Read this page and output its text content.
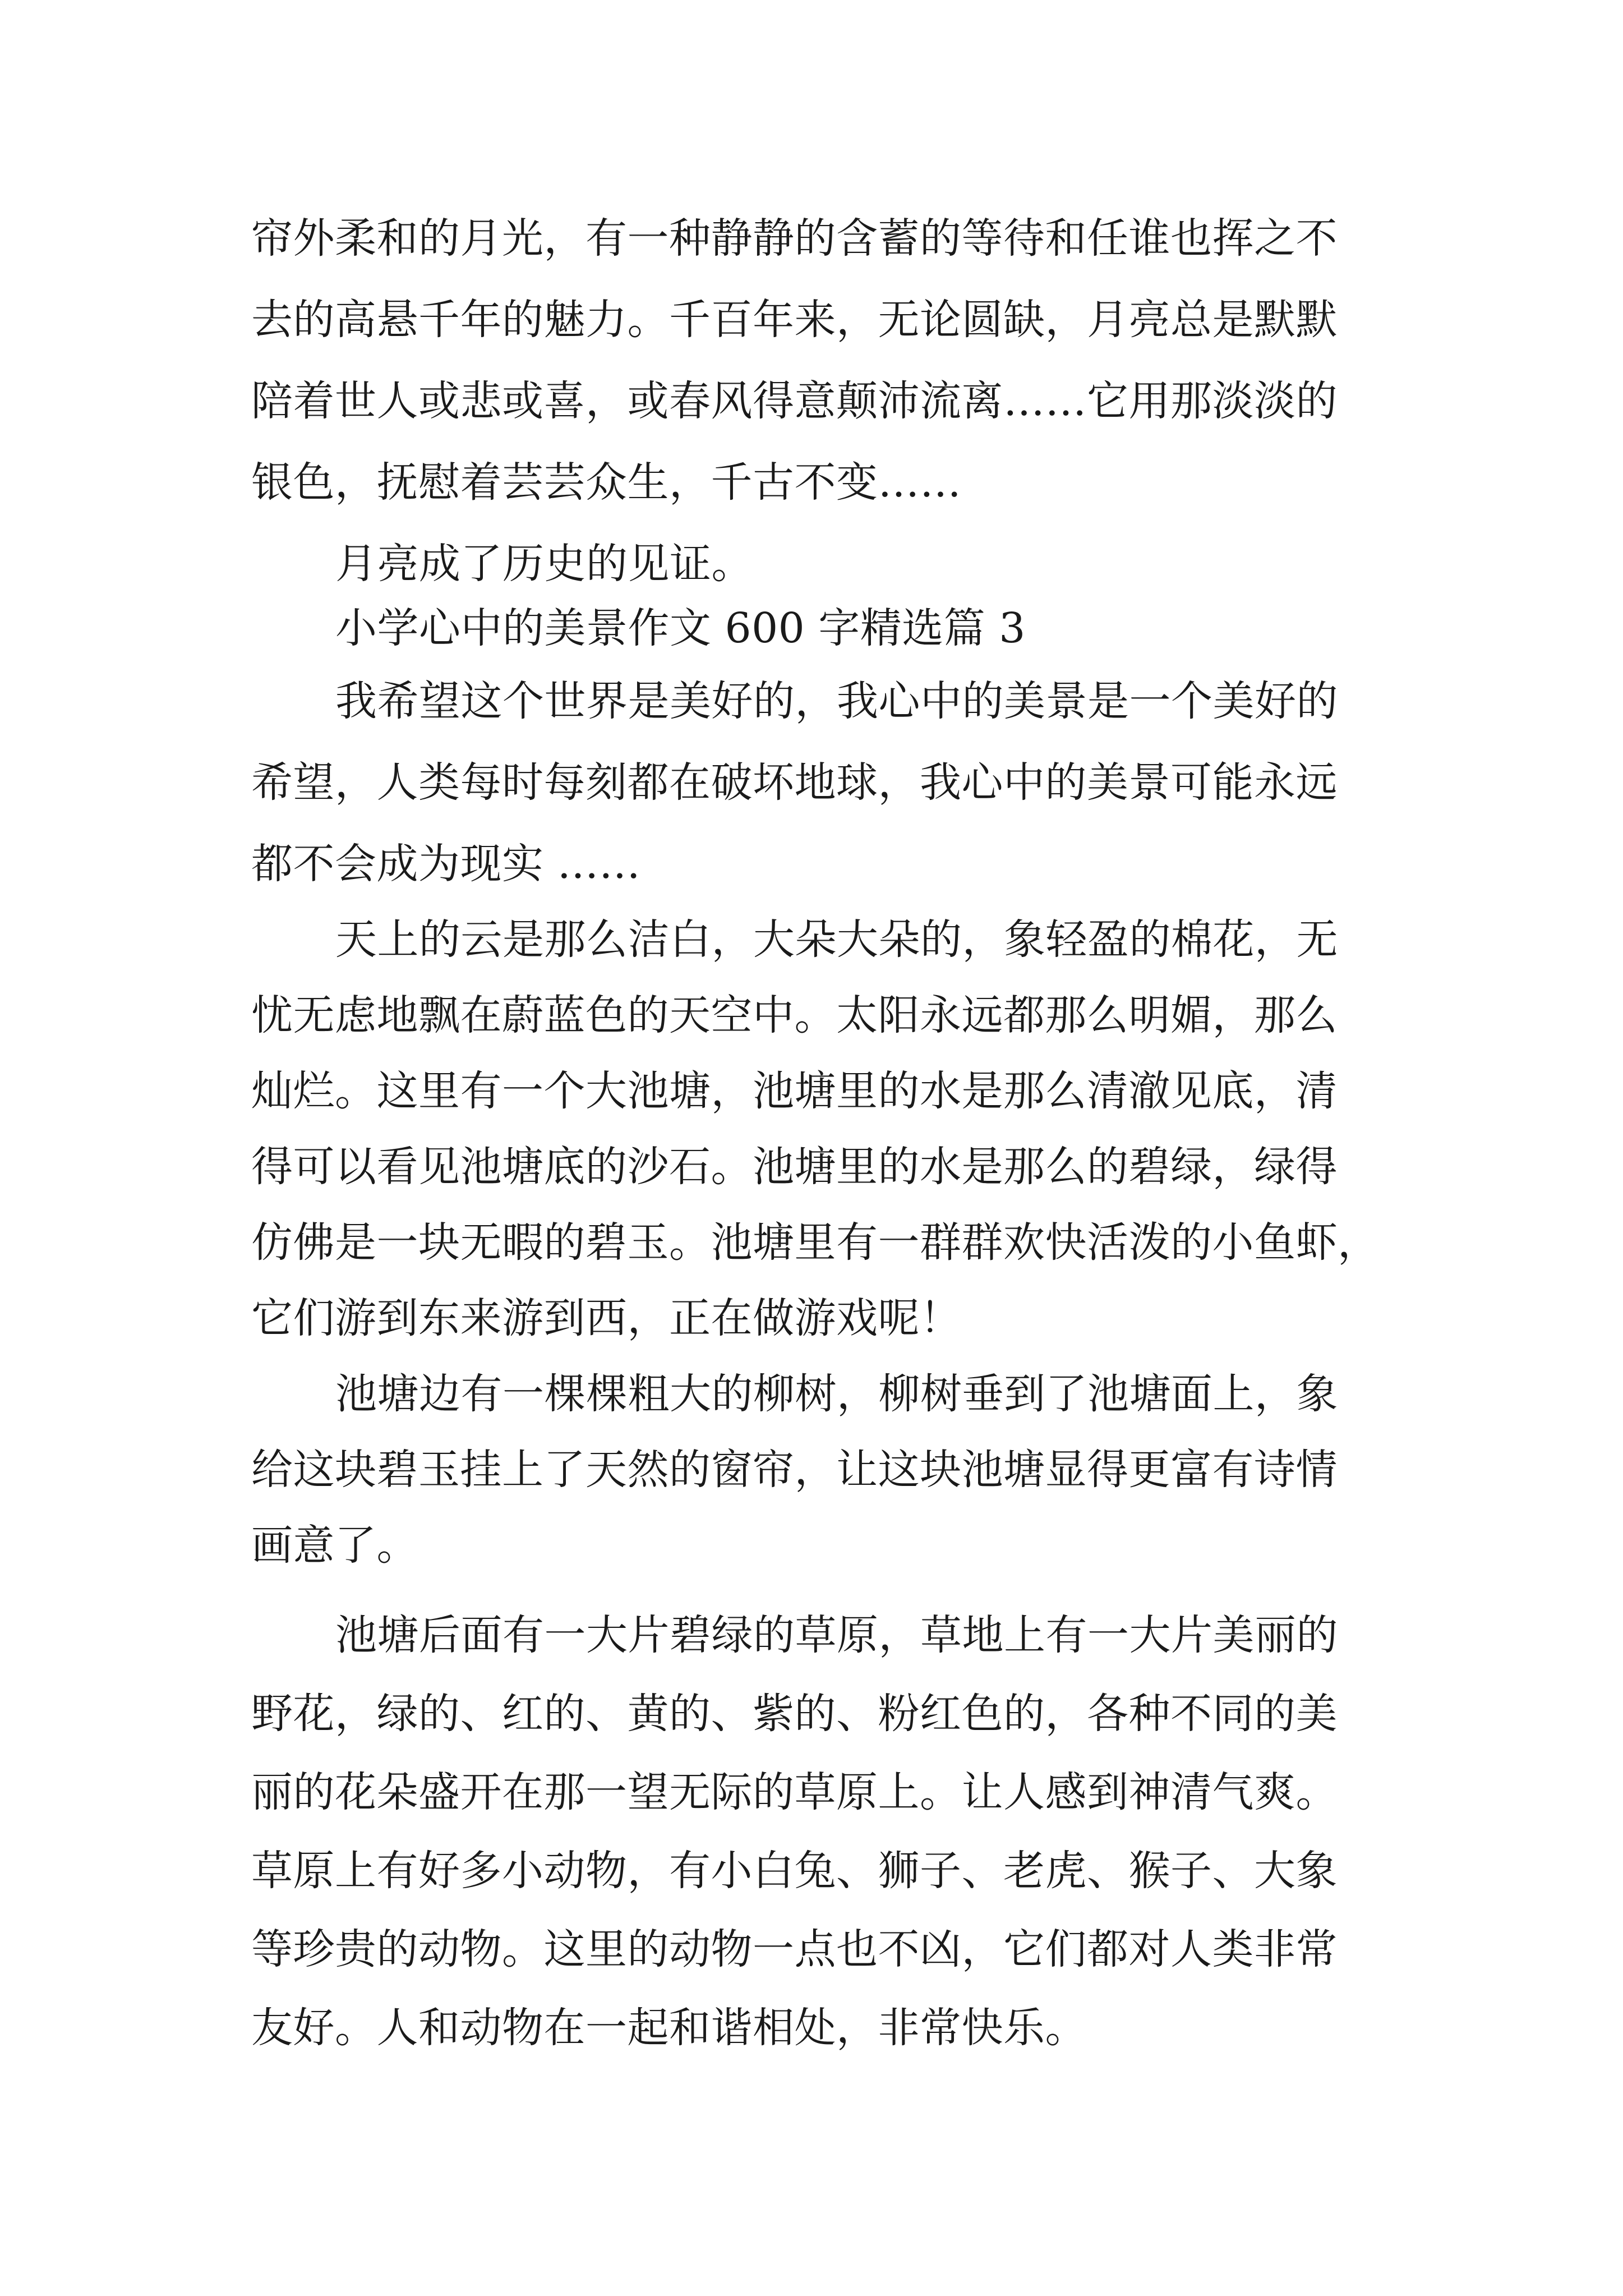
帘外柔和的月光，有一种静静的含蓄的等待和任谁也挥之不
去的高悬千年的魅力。千百年来，无论圆缺，月亮总是默默
陪着世人或悲或喜，或春风得意颠沛流离……它用那淡淡的
银色，抚慰着芸芸众生，千古不变……
月亮成了历史的见证。
小学心中的美景作文 600 字精选篇 3
我希望这个世界是美好的，我心中的美景是一个美好的
希望，人类每时每刻都在破坏地球，我心中的美景可能永远
都不会成为现实 ……
天上的云是那么洁白，大朵大朵的，象轻盈的棉花，无
忧无虑地飘在蔚蓝色的天空中。太阳永远都那么明媚，那么
灿烂。这里有一个大池塘，池塘里的水是那么清澈见底，清
得可以看见池塘底的沙石。池塘里的水是那么的碧绿，绿得
仿佛是一块无暇的碧玉。池塘里有一群群欢快活泼的小鱼虾，
它们游到东来游到西，正在做游戏呢！
池塘边有一棵棵粗大的柳树，柳树垂到了池塘面上，象
给这块碧玉挂上了天然的窗帘，让这块池塘显得更富有诗情
画意了。
池塘后面有一大片碧绿的草原，草地上有一大片美丽的
野花，绿的、红的、黄的、紫的、粉红色的，各种不同的美
丽的花朵盛开在那一望无际的草原上。让人感到神清气爽。
草原上有好多小动物，有小白兔、狮子、老虎、猴子、大象
等珍贵的动物。这里的动物一点也不凶，它们都对人类非常
友好。人和动物在一起和谐相处，非常快乐。
